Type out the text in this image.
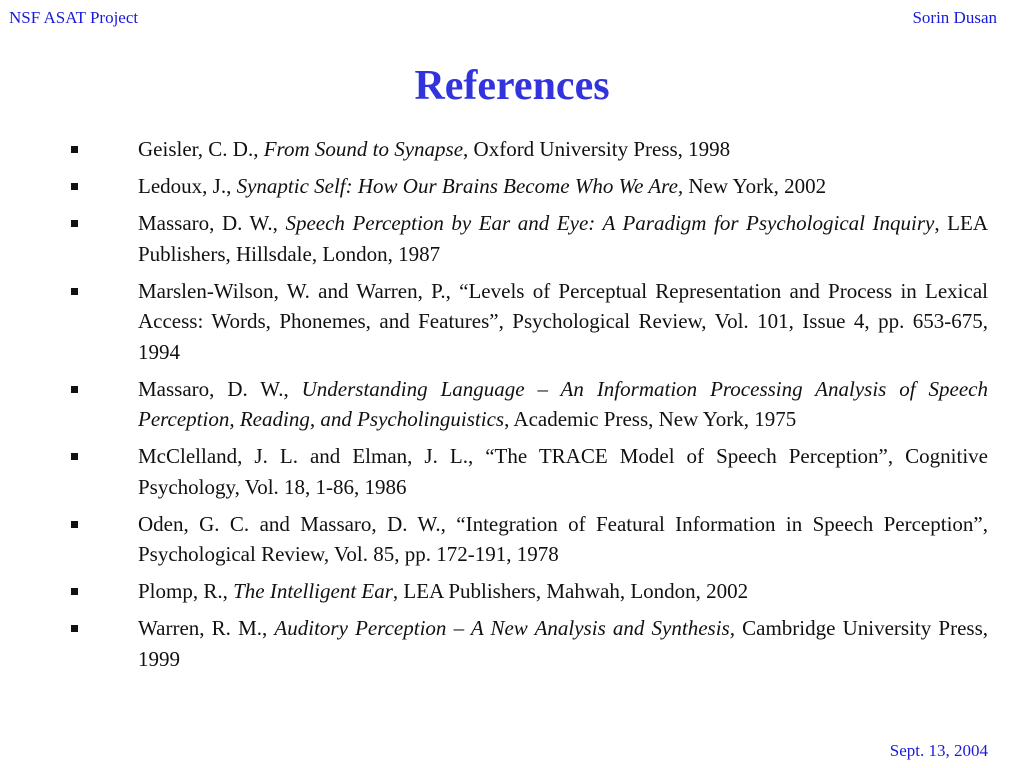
NSF ASAT Project	Sorin Dusan
References
Geisler, C. D., From Sound to Synapse, Oxford University Press, 1998
Ledoux, J., Synaptic Self: How Our Brains Become Who We Are, New York, 2002
Massaro, D. W., Speech Perception by Ear and Eye: A Paradigm for Psychological Inquiry, LEA Publishers, Hillsdale, London, 1987
Marslen-Wilson, W. and Warren, P., “Levels of Perceptual Representation and Process in Lexical Access: Words, Phonemes, and Features”, Psychological Review, Vol. 101, Issue 4, pp. 653-675, 1994
Massaro, D. W., Understanding Language – An Information Processing Analysis of Speech Perception, Reading, and Psycholinguistics, Academic Press, New York, 1975
McClelland, J. L. and Elman, J. L., “The TRACE Model of Speech Perception”, Cognitive Psychology, Vol. 18, 1-86, 1986
Oden, G. C. and Massaro, D. W., “Integration of Featural Information in Speech Perception”, Psychological Review, Vol. 85, pp. 172-191, 1978
Plomp, R., The Intelligent Ear, LEA Publishers, Mahwah, London, 2002
Warren, R. M., Auditory Perception – A New Analysis and Synthesis, Cambridge University Press, 1999
Sept. 13, 2004
